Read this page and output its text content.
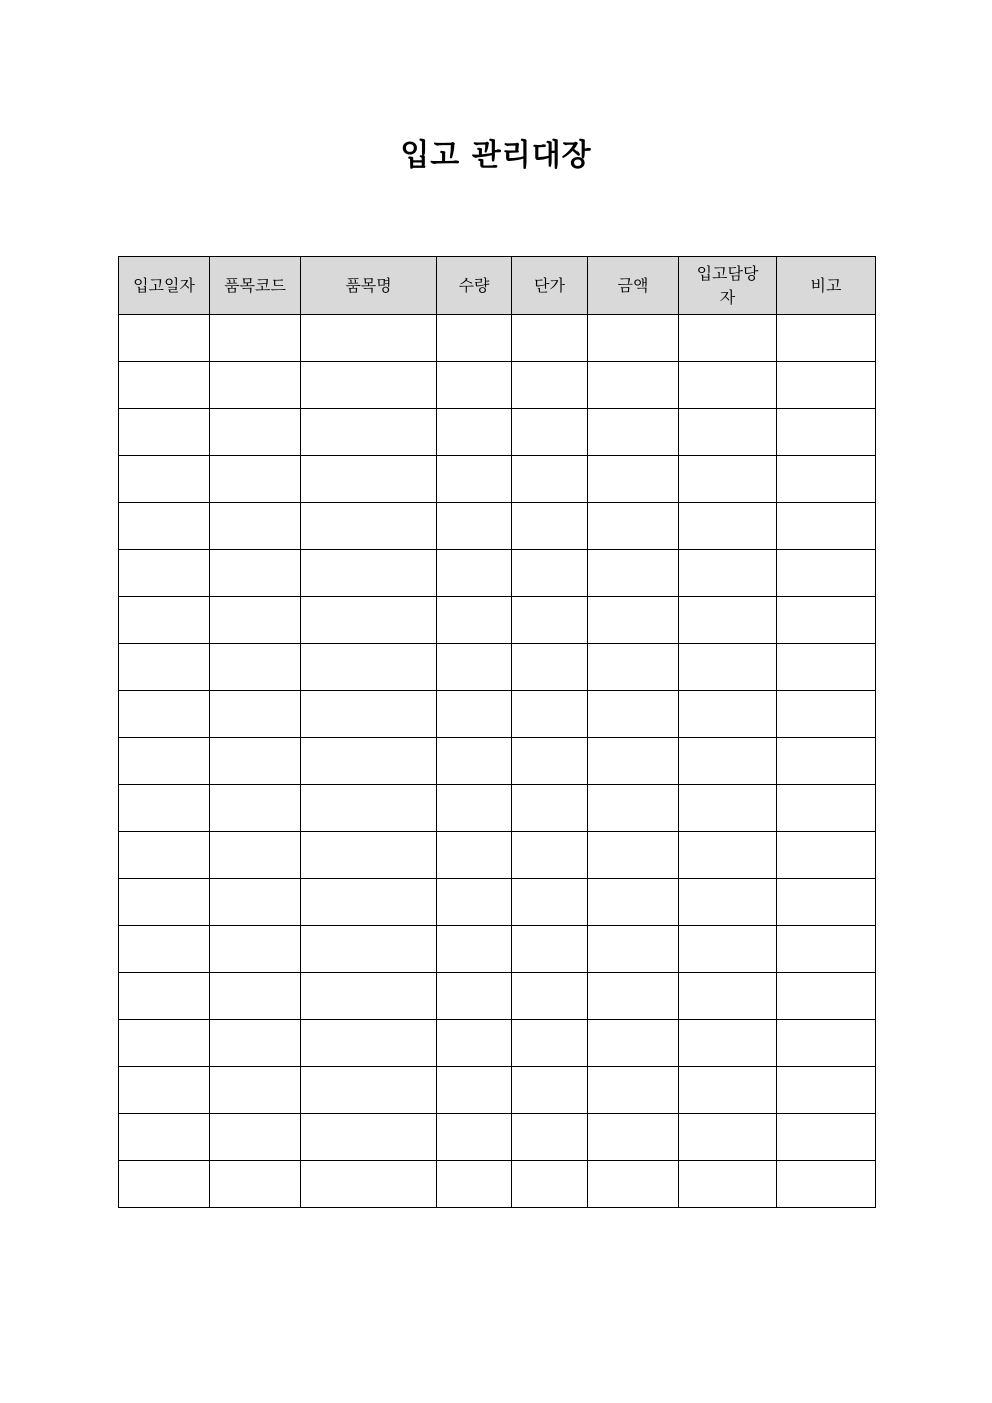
입고 관리대장
입고일자	품목코드	품목명	수량	단가	금액	입고담당자	비고
